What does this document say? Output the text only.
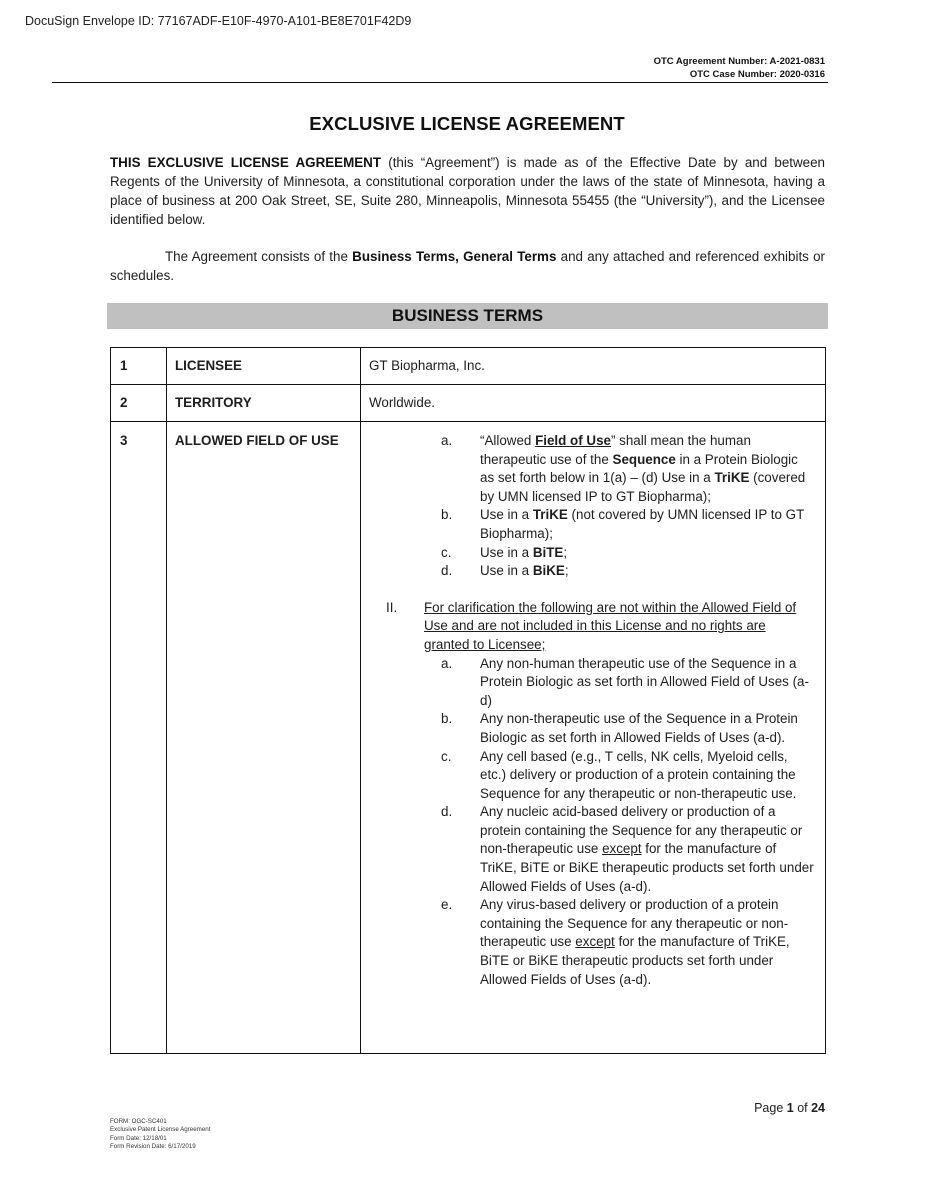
DocuSign Envelope ID: 77167ADF-E10F-4970-A101-BE8E701F42D9
OTC Agreement Number: A-2021-0831
OTC Case Number: 2020-0316
EXCLUSIVE LICENSE AGREEMENT
THIS EXCLUSIVE LICENSE AGREEMENT (this “Agreement”) is made as of the Effective Date by and between Regents of the University of Minnesota, a constitutional corporation under the laws of the state of Minnesota, having a place of business at 200 Oak Street, SE, Suite 280, Minneapolis, Minnesota 55455 (the “University”), and the Licensee identified below.
The Agreement consists of the Business Terms, General Terms and any attached and referenced exhibits or schedules.
BUSINESS TERMS
1	LICENSEE	GT Biopharma, Inc.
2	TERRITORY	Worldwide.

3	ALLOWED FIELD OF USE	a. “Allowed Field of Use” shall mean the human therapeutic use of the Sequence in a Protein Biologic as set forth below in 1(a) – (d) Use in a TriKE (covered by UMN licensed IP to GT Biopharma);
b. Use in a TriKE (not covered by UMN licensed IP to GT Biopharma);
c. Use in a BiTE;
d. Use in a BiKE;
II. For clarification the following are not within the Allowed Field of Use and are not included in this License and no rights are granted to Licensee;
a. Any non-human therapeutic use of the Sequence in a Protein Biologic as set forth in Allowed Field of Uses (a-d)
b. Any non-therapeutic use of the Sequence in a Protein Biologic as set forth in Allowed Fields of Uses (a-d).
c. Any cell based (e.g., T cells, NK cells, Myeloid cells, etc.) delivery or production of a protein containing the Sequence for any therapeutic or non-therapeutic use.
d. Any nucleic acid-based delivery or production of a protein containing the Sequence for any therapeutic or non-therapeutic use except for the manufacture of TriKE, BiTE or BiKE therapeutic products set forth under Allowed Fields of Uses (a-d).
e. Any virus-based delivery or production of a protein containing the Sequence for any therapeutic or non-therapeutic use except for the manufacture of TriKE, BiTE or BiKE therapeutic products set forth under Allowed Fields of Uses (a-d).
FORM: OGC-SC401
Exclusive Patent License Agreement
Form Date: 12/18/01
Form Revision Date: 6/17/2019
Page 1 of 24
